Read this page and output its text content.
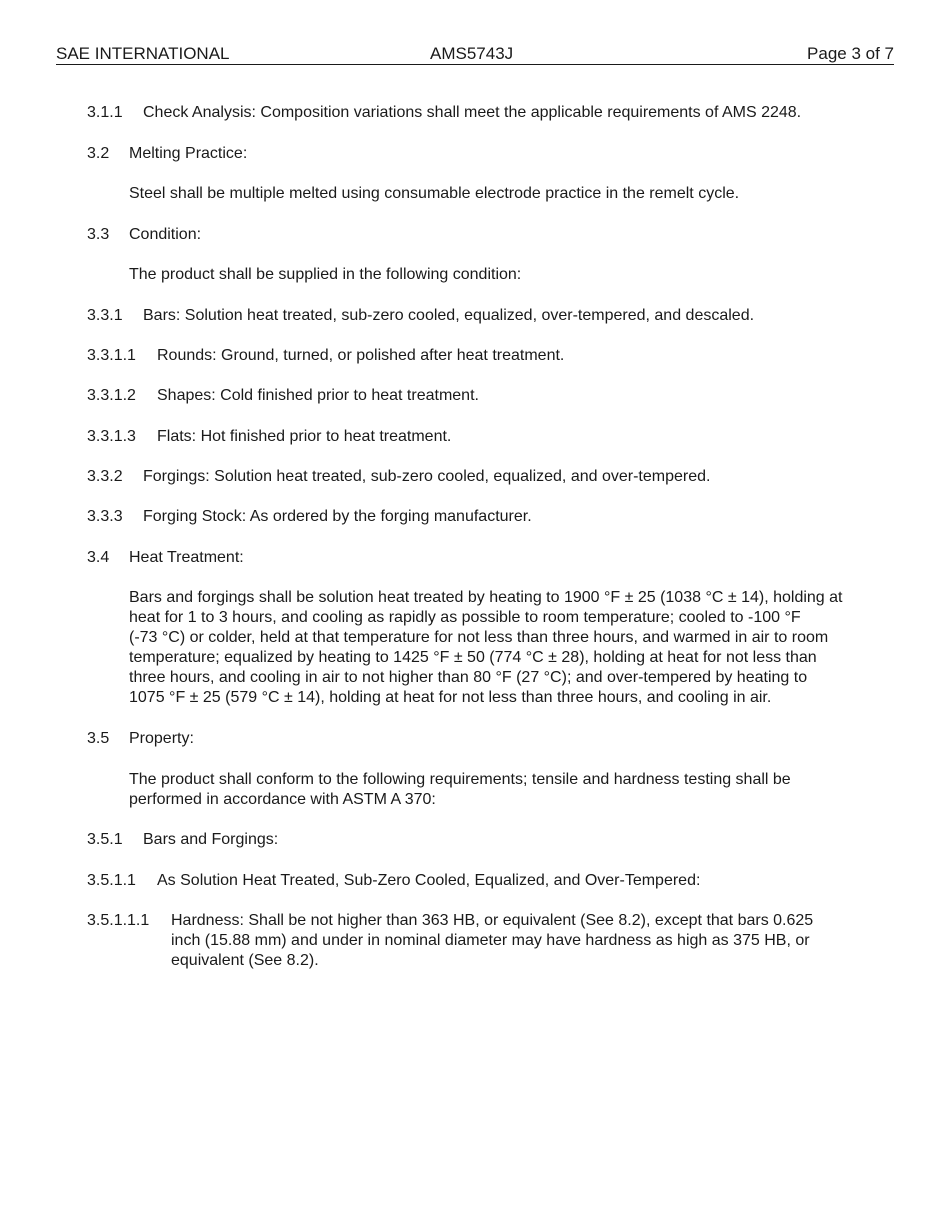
SAE INTERNATIONAL	AMS5743J	Page 3 of 7
3.1.1 Check Analysis: Composition variations shall meet the applicable requirements of AMS 2248.
3.2 Melting Practice:
Steel shall be multiple melted using consumable electrode practice in the remelt cycle.
3.3 Condition:
The product shall be supplied in the following condition:
3.3.1 Bars: Solution heat treated, sub-zero cooled, equalized, over-tempered, and descaled.
3.3.1.1 Rounds: Ground, turned, or polished after heat treatment.
3.3.1.2 Shapes: Cold finished prior to heat treatment.
3.3.1.3 Flats: Hot finished prior to heat treatment.
3.3.2 Forgings: Solution heat treated, sub-zero cooled, equalized, and over-tempered.
3.3.3 Forging Stock: As ordered by the forging manufacturer.
3.4 Heat Treatment:
Bars and forgings shall be solution heat treated by heating to 1900 °F ± 25 (1038 °C ± 14), holding at
heat for 1 to 3 hours, and cooling as rapidly as possible to room temperature; cooled to -100 °F
(-73 °C) or colder, held at that temperature for not less than three hours, and warmed in air to room
temperature; equalized by heating to 1425 °F ± 50 (774 °C ± 28), holding at heat for not less than
three hours, and cooling in air to not higher than 80 °F (27 °C); and over-tempered by heating to
1075 °F ± 25 (579 °C ± 14), holding at heat for not less than three hours, and cooling in air.
3.5 Property:
The product shall conform to the following requirements; tensile and hardness testing shall be
performed in accordance with ASTM A 370:
3.5.1 Bars and Forgings:
3.5.1.1 As Solution Heat Treated, Sub-Zero Cooled, Equalized, and Over-Tempered:
3.5.1.1.1 Hardness: Shall be not higher than 363 HB, or equivalent (See 8.2), except that bars 0.625
inch (15.88 mm) and under in nominal diameter may have hardness as high as 375 HB, or
equivalent (See 8.2).
